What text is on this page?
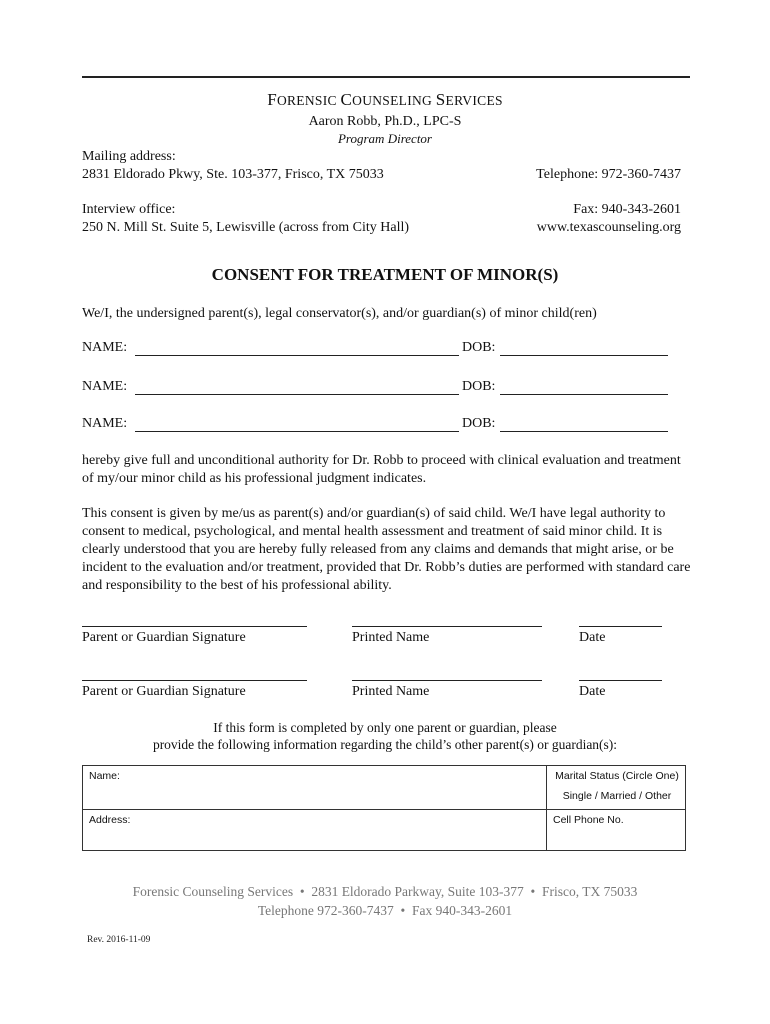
FORENSIC COUNSELING SERVICES
Aaron Robb, Ph.D., LPC-S
Program Director
Mailing address:
2831 Eldorado Pkwy, Ste. 103-377, Frisco, TX 75033	Telephone: 972-360-7437
Interview office:
250 N. Mill St. Suite 5, Lewisville (across from City Hall)
Fax: 940-343-2601
www.texascounseling.org
CONSENT FOR TREATMENT OF MINOR(S)
We/I, the undersigned parent(s), legal conservator(s), and/or guardian(s) of minor child(ren)
NAME:	DOB:
NAME:	DOB:
NAME:	DOB:
hereby give full and unconditional authority for Dr. Robb to proceed with clinical evaluation and treatment of my/our minor child as his professional judgment indicates.
This consent is given by me/us as parent(s) and/or guardian(s) of said child. We/I have legal authority to consent to medical, psychological, and mental health assessment and treatment of said minor child. It is clearly understood that you are hereby fully released from any claims and demands that might arise, or be incident to the evaluation and/or treatment, provided that Dr. Robb’s duties are performed with standard care and responsibility to the best of his professional ability.
Parent or Guardian Signature	Printed Name	Date
Parent or Guardian Signature	Printed Name	Date
If this form is completed by only one parent or guardian, please
provide the following information regarding the child’s other parent(s) or guardian(s):
Name:	Marital Status (Circle One)
Single / Married / Other
Address:	Cell Phone No.
Forensic Counseling Services  •  2831 Eldorado Parkway, Suite 103-377  •  Frisco, TX 75033
Telephone 972-360-7437  •  Fax 940-343-2601
Rev. 2016-11-09
